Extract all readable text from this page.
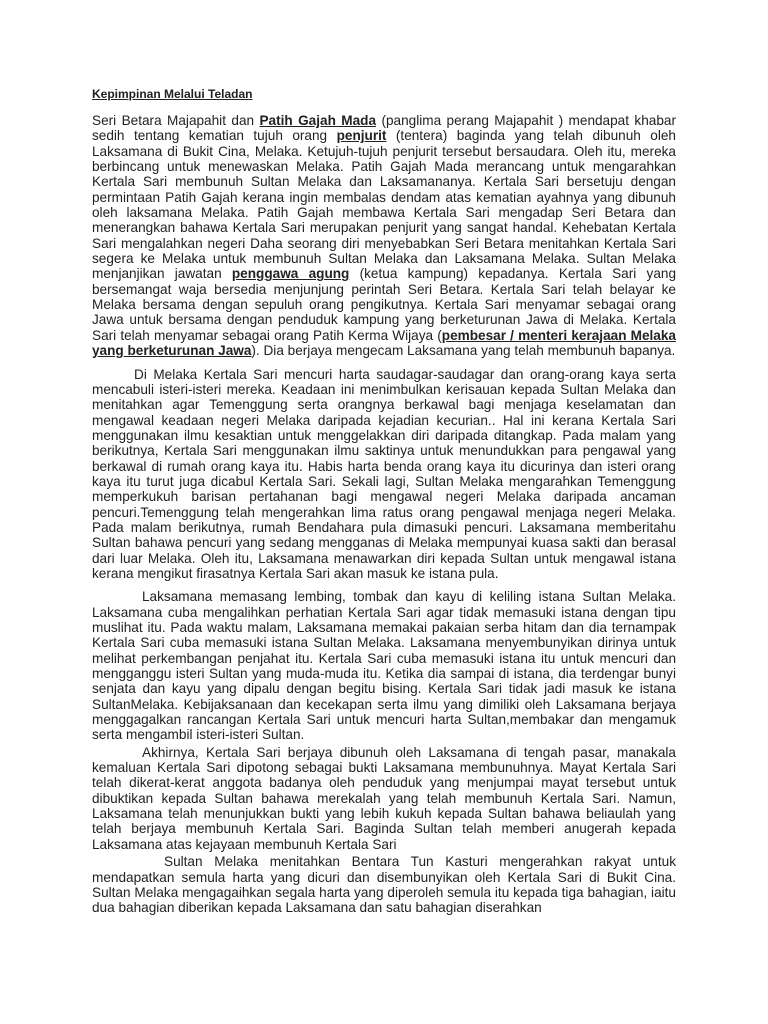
Kepimpinan Melalui Teladan

Seri Betara Majapahit dan Patih Gajah Mada (panglima perang Majapahit ) mendapat khabar sedih tentang kematian tujuh orang penjurit (tentera) baginda yang telah dibunuh oleh Laksamana di Bukit Cina, Melaka. Ketujuh-tujuh penjurit tersebut bersaudara. Oleh itu, mereka berbincang untuk menewaskan Melaka. Patih Gajah Mada merancang untuk mengarahkan Kertala Sari membunuh Sultan Melaka dan Laksamananya. Kertala Sari bersetuju dengan permintaan Patih Gajah kerana ingin membalas dendam atas kematian ayahnya yang dibunuh oleh laksamana Melaka. Patih Gajah membawa Kertala Sari mengadap Seri Betara dan menerangkan bahawa Kertala Sari merupakan penjurit yang sangat handal. Kehebatan Kertala Sari mengalahkan negeri Daha seorang diri menyebabkan Seri Betara menitahkan Kertala Sari segera ke Melaka untuk membunuh Sultan Melaka dan Laksamana Melaka. Sultan Melaka menjanjikan jawatan penggawa agung (ketua kampung) kepadanya. Kertala Sari yang bersemangat waja bersedia menjunjung perintah Seri Betara. Kertala Sari telah belayar ke Melaka bersama dengan sepuluh orang pengikutnya. Kertala Sari menyamar sebagai orang Jawa untuk bersama dengan penduduk kampung yang berketurunan Jawa di Melaka. Kertala Sari telah menyamar sebagai orang Patih Kerma Wijaya (pembesar / menteri kerajaan Melaka yang berketurunan Jawa). Dia berjaya mengecam Laksamana yang telah membunuh bapanya.

Di Melaka Kertala Sari mencuri harta saudagar-saudagar dan orang-orang kaya serta mencabuli isteri-isteri mereka. Keadaan ini menimbulkan kerisauan kepada Sultan Melaka dan menitahkan agar Temenggung serta orangnya berkawal bagi menjaga keselamatan dan mengawal keadaan negeri Melaka daripada kejadian kecurian.. Hal ini kerana Kertala Sari menggunakan ilmu kesaktian untuk menggelakkan diri daripada ditangkap. Pada malam yang berikutnya, Kertala Sari menggunakan ilmu saktinya untuk menundukkan para pengawal yang berkawal di rumah orang kaya itu. Habis harta benda orang kaya itu dicurinya dan isteri orang kaya itu turut juga dicabul Kertala Sari. Sekali lagi, Sultan Melaka mengarahkan Temenggung memperkukuh barisan pertahanan bagi mengawal negeri Melaka daripada ancaman pencuri.Temenggung telah mengerahkan lima ratus orang pengawal menjaga negeri Melaka. Pada malam berikutnya, rumah Bendahara pula dimasuki pencuri. Laksamana memberitahu Sultan bahawa pencuri yang sedang mengganas di Melaka mempunyai kuasa sakti dan berasal dari luar Melaka. Oleh itu, Laksamana menawarkan diri kepada Sultan untuk mengawal istana kerana mengikut firasatnya Kertala Sari akan masuk ke istana pula.

Laksamana memasang lembing, tombak dan kayu di keliling istana Sultan Melaka. Laksamana cuba mengalihkan perhatian Kertala Sari agar tidak memasuki istana dengan tipu muslihat itu. Pada waktu malam, Laksamana memakai pakaian serba hitam dan dia ternampak Kertala Sari cuba memasuki istana Sultan Melaka. Laksamana menyembunyikan dirinya untuk melihat perkembangan penjahat itu. Kertala Sari cuba memasuki istana itu untuk mencuri dan mengganggu isteri Sultan yang muda-muda itu. Ketika dia sampai di istana, dia terdengar bunyi senjata dan kayu yang dipalu dengan begitu bising. Kertala Sari tidak jadi masuk ke istana SultanMelaka. Kebijaksanaan dan kecekapan serta ilmu yang dimiliki oleh Laksamana berjaya menggagalkan rancangan Kertala Sari untuk mencuri harta Sultan,membakar dan mengamuk serta mengambil isteri-isteri Sultan.

Akhirnya, Kertala Sari berjaya dibunuh oleh Laksamana di tengah pasar, manakala kemaluan Kertala Sari dipotong sebagai bukti Laksamana membunuhnya. Mayat Kertala Sari telah dikerat-kerat anggota badanya oleh penduduk yang menjumpai mayat tersebut untuk dibuktikan kepada Sultan bahawa merekalah yang telah membunuh Kertala Sari. Namun, Laksamana telah menunjukkan bukti yang lebih kukuh kepada Sultan bahawa beliaulah yang telah berjaya membunuh Kertala Sari. Baginda Sultan telah memberi anugerah kepada Laksamana atas kejayaan membunuh Kertala Sari

Sultan Melaka menitahkan Bentara Tun Kasturi mengerahkan rakyat untuk mendapatkan semula harta yang dicuri dan disembunyikan oleh Kertala Sari di Bukit Cina. Sultan Melaka mengagaihkan segala harta yang diperoleh semula itu kepada tiga bahagian, iaitu dua bahagian diberikan kepada Laksamana dan satu bahagian diserahkan
